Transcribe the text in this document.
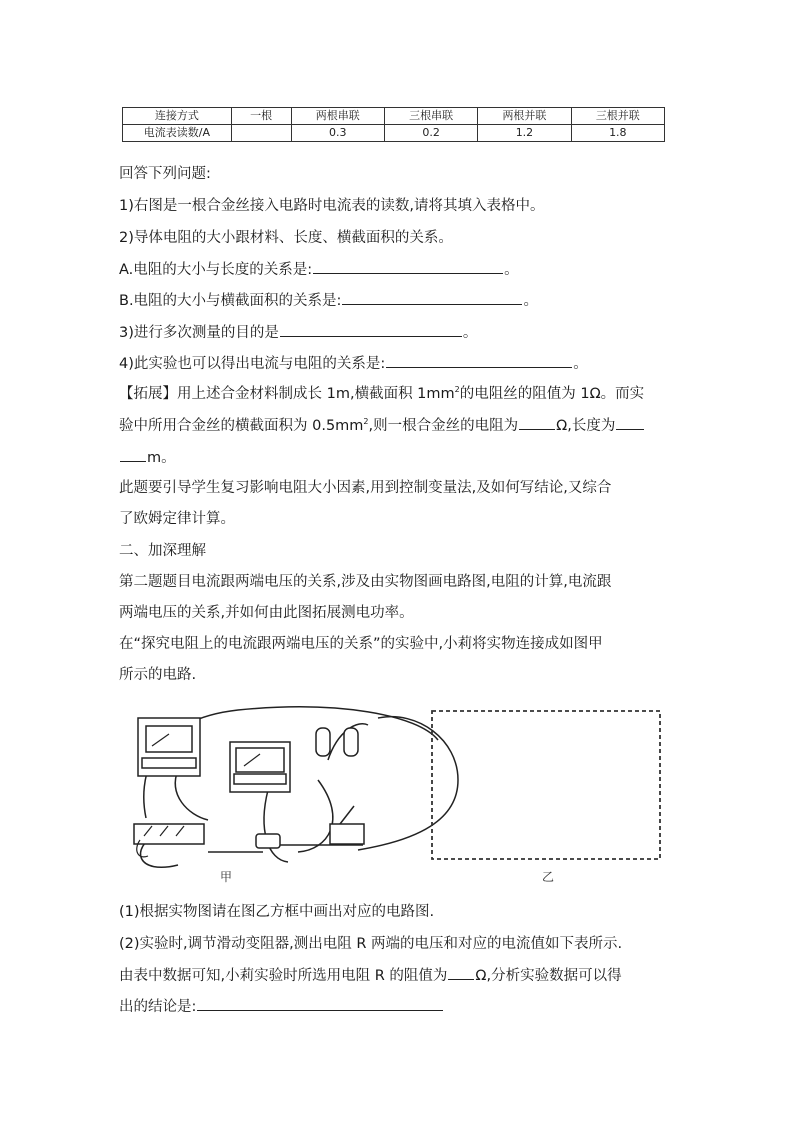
连接方式	一根	两根串联	三根串联	两根并联	三根并联
电流表读数/A		0.3	0.2	1.2	1.8
回答下列问题:
1)右图是一根合金丝接入电路时电流表的读数,请将其填入表格中。
2)导体电阻的大小跟材料、长度、横截面积的关系。
A.电阻的大小与长度的关系是:	。
B.电阻的大小与横截面积的关系是:	。
3)进行多次测量的目的是	。
4)此实验也可以得出电流与电阻的关系是:	。
【拓展】用上述合金材料制成长 1m,横截面积 $1mm^2$的电阻丝的阻值为 1Ω。而实
验中所用合金丝的横截面积为 $0.5mm^2$,则一根合金丝的电阻为	Ω,长度为
m。
此题要引导学生复习影响电阻大小因素,用到控制变量法,及如何写结论,又综合
了欧姆定律计算。
二、加深理解
第二题题目电流跟两端电压的关系,涉及由实物图画电路图,电阻的计算,电流跟
两端电压的关系,并如何由此图拓展测电功率。
在“探究电阻上的电流跟两端电压的关系”的实验中,小莉将实物连接成如图甲
所示的电路.
甲	乙
(1)根据实物图请在图乙方框中画出对应的电路图.
(2)实验时,调节滑动变阻器,测出电阻 R 两端的电压和对应的电流值如下表所示.
由表中数据可知,小莉实验时所选用电阻 R 的阻值为 Ω,分析实验数据可以得
出的结论是:
